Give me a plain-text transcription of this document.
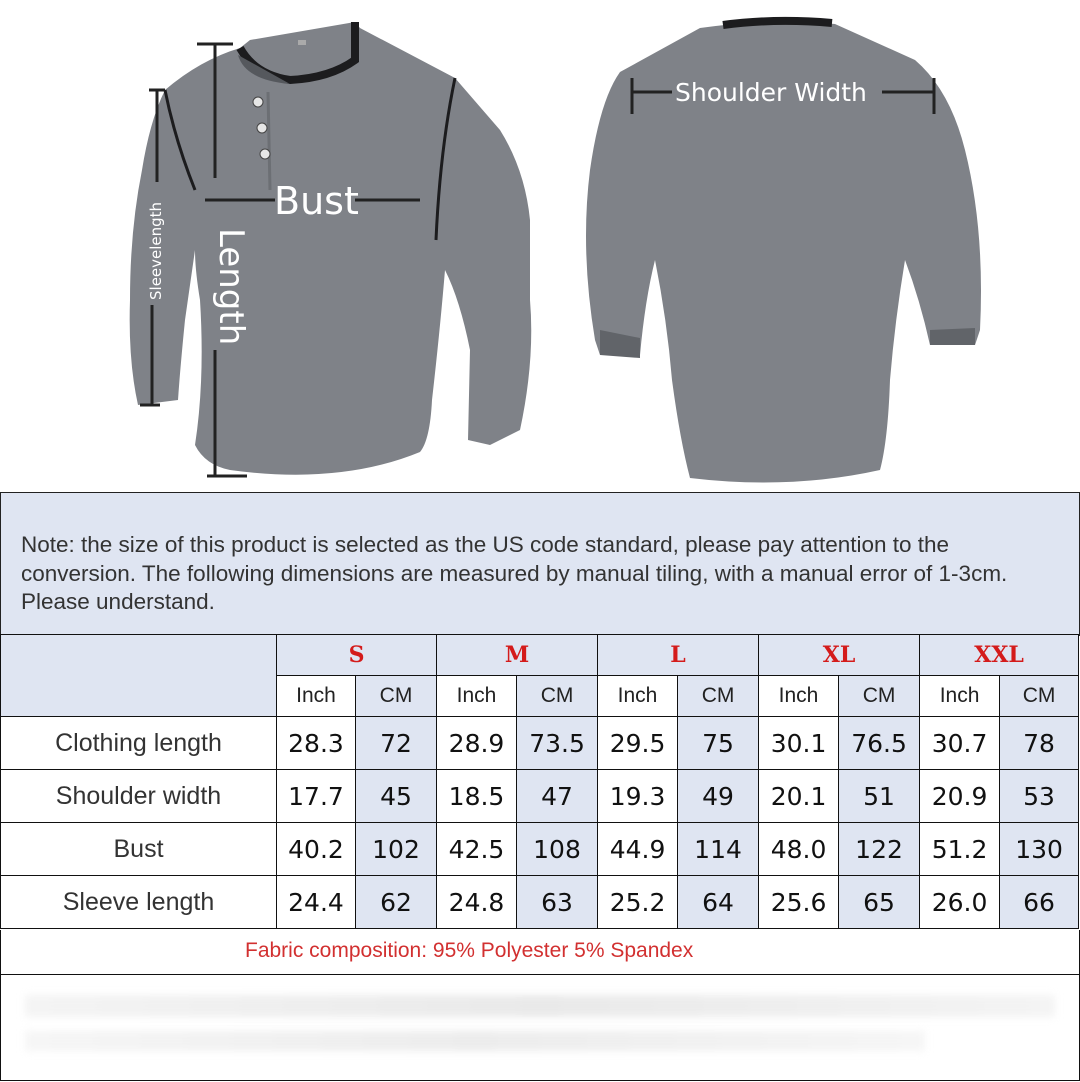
Bust
Length
Sleevelength
Shoulder Width

Note: the size of this product is selected as the US code standard, please pay attention to the conversion. The following dimensions are measured by manual tiling, with a manual error of 1-3cm. Please understand.

	S		M		L		XL		XXL	
	Inch	CM	Inch	CM	Inch	CM	Inch	CM	Inch	CM
Clothing length	28.3	72	28.9	73.5	29.5	75	30.1	76.5	30.7	78
Shoulder width	17.7	45	18.5	47	19.3	49	20.1	51	20.9	53
Bust	40.2	102	42.5	108	44.9	114	48.0	122	51.2	130
Sleeve length	24.4	62	24.8	63	25.2	64	25.6	65	26.0	66
Fabric composition: 95% Polyester 5% Spandex
